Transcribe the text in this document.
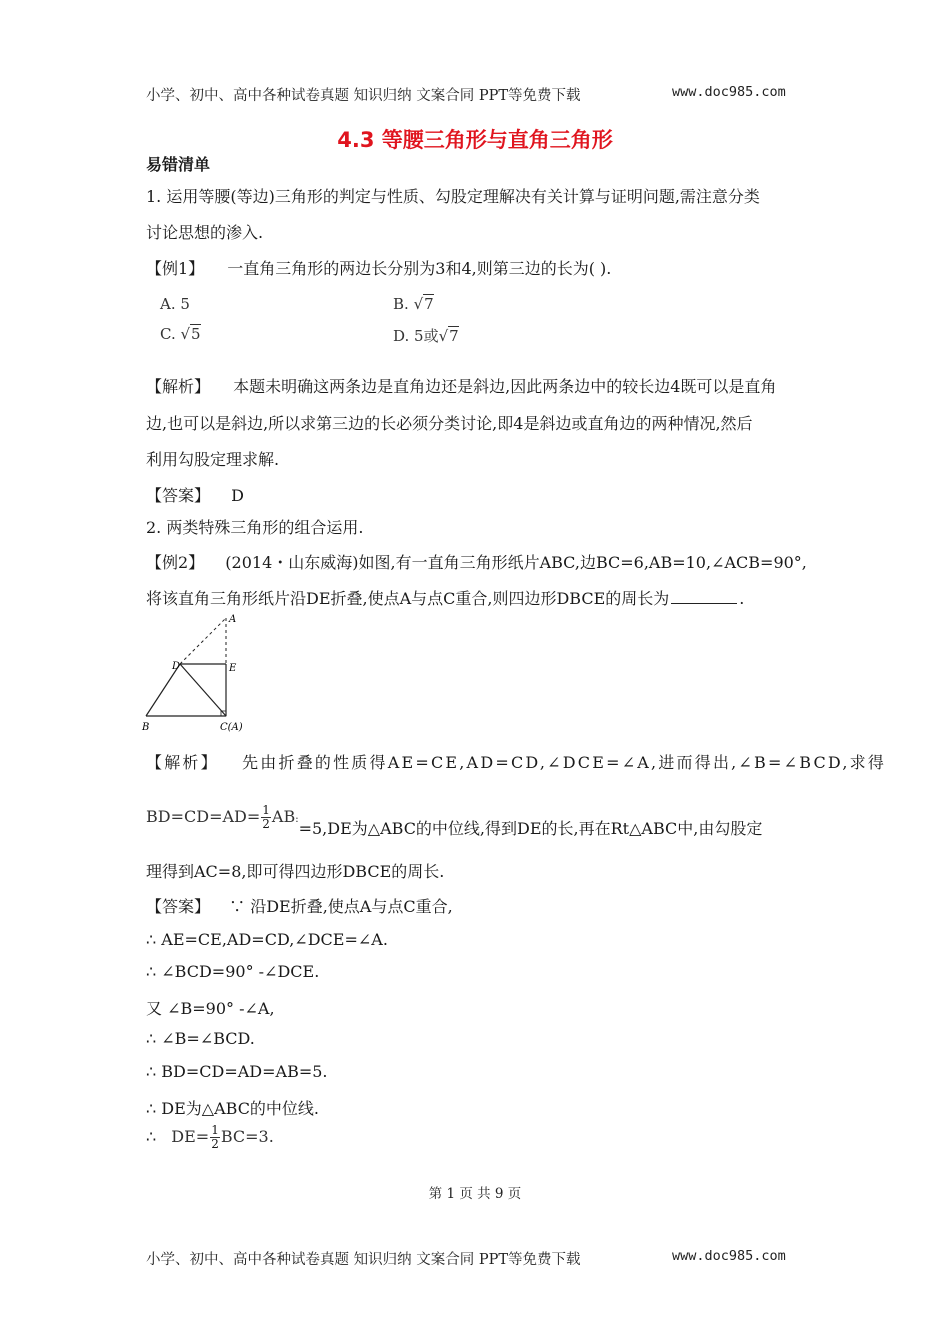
小学、初中、高中各种试卷真题 知识归纳 文案合同 PPT等免费下载	www.doc985.com
4.3 等腰三角形与直角三角形
易错清单
1. 运用等腰(等边)三角形的判定与性质、勾股定理解决有关计算与证明问题,需注意分类
讨论思想的渗入.
【例1】 一直角三角形的两边长分别为3和4,则第三边的长为( ).
A. 5	B. √7
C. √5	D. 5或√7
【解析】 本题未明确这两条边是直角边还是斜边,因此两条边中的较长边4既可以是直角
边,也可以是斜边,所以求第三边的长必须分类讨论,即4是斜边或直角边的两种情况,然后
利用勾股定理求解.
【答案】 D
2. 两类特殊三角形的组合运用.
【例2】 (2014・山东威海)如图,有一直角三角形纸片ABC,边BC=6,AB=10,∠ACB=90°,
将该直角三角形纸片沿DE折叠,使点A与点C重合,则四边形DBCE的周长为	.
A
D	E
B	C(A)
【解析】 先由折叠的性质得AE=CE,AD=CD,∠DCE=∠A,进而得出,∠B=∠BCD,求得
$BD=CD=AD= \frac{1}{2}$ AB:=5,DE为△ABC的中位线,得到DE的长,再在Rt△ABC中,由勾股定
理得到AC=8,即可得四边形DBCE的周长.
【答案】 ∵ 沿DE折叠,使点A与点C重合,
∴ AE=CE,AD=CD,∠DCE=∠A.
∴ ∠BCD=90° -∠DCE.
又 ∠B=90° -∠A,
∴ ∠B=∠BCD.
∴ BD=CD=AD=AB=5.
∴ DE为△ABC的中位线.
∴ $DE= \frac{1}{2} BC=3$.
第 1 页 共 9 页
小学、初中、高中各种试卷真题 知识归纳 文案合同 PPT等免费下载	www.doc985.com
